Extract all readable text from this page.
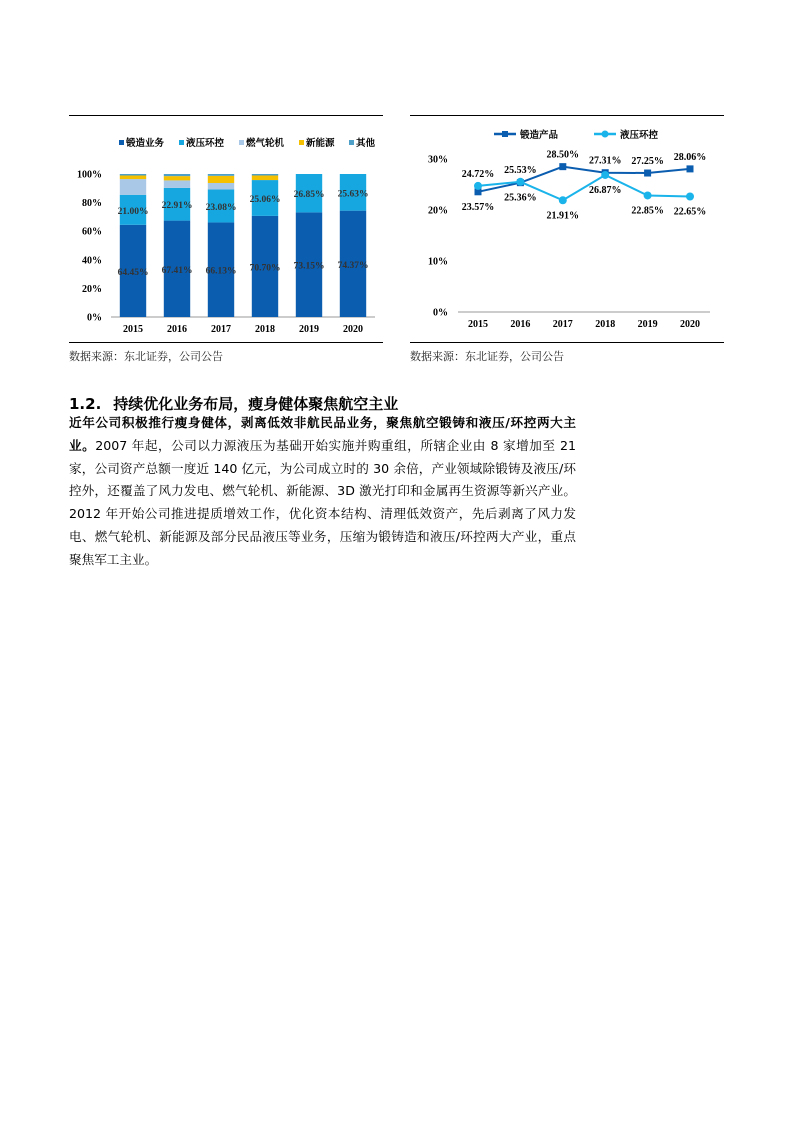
锻造业务 液压环控 燃气轮机 新能源 其他
0%
20%
40%
60%
80%
100%
64.45%
21.00%
2015
67.41%
22.91%
2016
66.13%
23.08%
2017
70.70%
25.06%
2018
73.15%
26.85%
2019
74.37%
25.63%
2020
锻造产品	液压环控
0%
10%
20%
30%
2015 2016 2017 2018 2019 2020
23.57%
25.36%
28.50%
27.31% 27.25% 28.06%
24.72% 25.53%
21.91%
26.87%
22.85% 22.65%
数据来源：东北证券，公司公告	数据来源：东北证券，公司公告
1.2. 持续优化业务布局，瘦身健体聚焦航空主业
近年公司积极推行瘦身健体，剥离低效非航民品业务，聚焦航空锻铸和液压/环控两大主业。2007 年起，公司以力源液压为基础开始实施并购重组，所辖企业由 8 家增加至 21 家，公司资产总额一度近 140 亿元，为公司成立时的 30 余倍，产业领域除锻铸及液压/环控外，还覆盖了风力发电、燃气轮机、新能源、3D 激光打印和金属再生资源等新兴产业。2012 年开始公司推进提质增效工作，优化资本结构、清理低效资产，先后剥离了风力发电、燃气轮机、新能源及部分民品液压等业务，压缩为锻铸造和液压/环控两大产业，重点聚焦军工主业。
